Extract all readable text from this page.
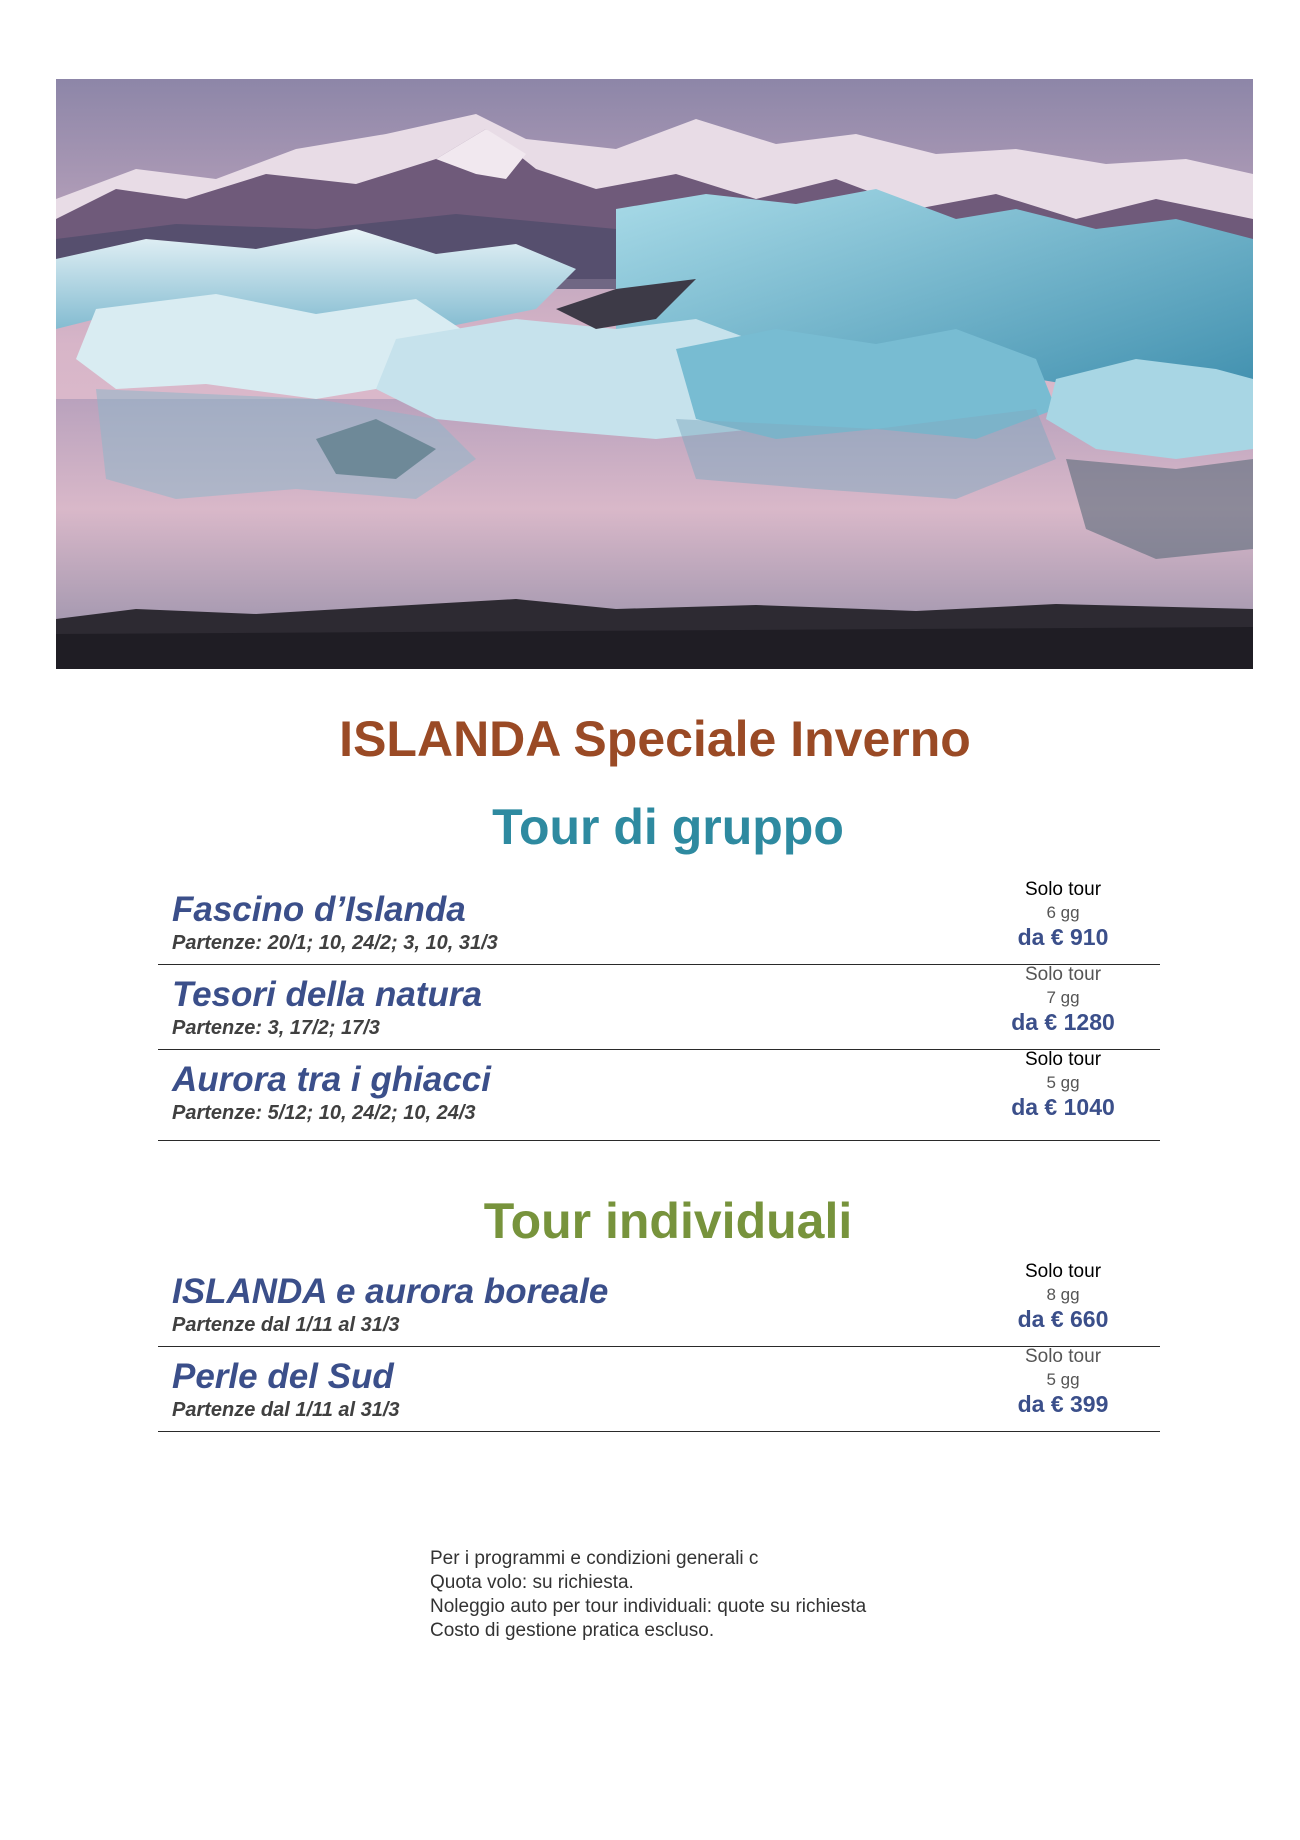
ISLANDA Speciale Inverno
Tour di gruppo
Fascino d’Islanda
Partenze: 20/1; 10, 24/2; 3, 10, 31/3
Solo tour
6 gg
da € 910
Tesori della natura
Partenze: 3, 17/2; 17/3
Solo tour
7 gg
da € 1280
Aurora tra i ghiacci
Partenze: 5/12; 10, 24/2; 10, 24/3
Solo tour
5 gg
da € 1040
Tour individuali
ISLANDA e aurora boreale
Partenze dal 1/11 al 31/3
Solo tour
8 gg
da € 660
Perle del Sud
Partenze dal 1/11 al 31/3
Solo tour
5 gg
da € 399
Per i programmi e condizioni generali c
Quota volo: su richiesta.
Noleggio auto per tour individuali: quote su richiesta
Costo di gestione pratica escluso.
